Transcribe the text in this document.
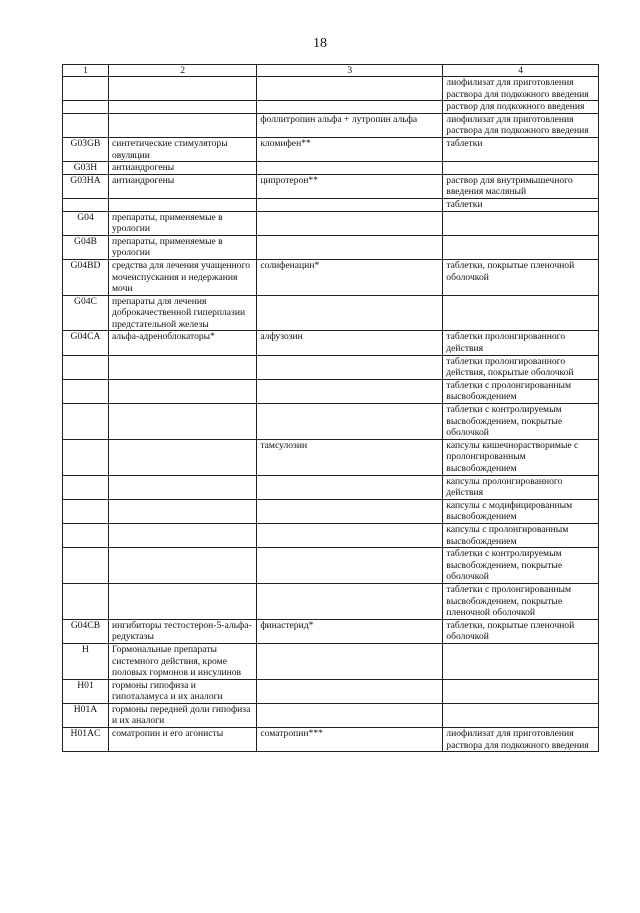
18
1	2	3	4
			лиофилизат для приготовления раствора для подкожного введения
			раствор для подкожного введения
		фоллитропин альфа + лутропин альфа	лиофилизат для приготовления раствора для подкожного введения
G03GB	синтетические стимуляторы овуляции	кломифен**	таблетки
G03H	антиандрогены		
G03HA	антиандрогены	ципротерон**	раствор для внутримышечного введения масляный
			таблетки
G04	препараты, применяемые в урологии		
G04B	препараты, применяемые в урологии		
G04BD	средства для лечения учащенного мочеиспускания и недержания мочи	солифенацин*	таблетки, покрытые пленочной оболочкой
G04C	препараты для лечения доброкачественной гиперплазии предстательной железы		
G04CA	альфа-адреноблокаторы*	алфузозин	таблетки пролонгированного действия
			таблетки пролонгированного действия, покрытые оболочкой
			таблетки с пролонгированным высвобождением
			таблетки с контролируемым высвобождением, покрытые оболочкой
		тамсулозин	капсулы кишечнорастворимые с пролонгированным высвобождением
			капсулы пролонгированного действия
			капсулы с модифицированным высвобождением
			капсулы с пролонгированным высвобождением
			таблетки с контролируемым высвобождением, покрытые оболочкой
			таблетки с пролонгированным высвобождением, покрытые пленочной оболочкой
G04CB	ингибиторы тестостерон-5-альфа-редуктазы	финастерид*	таблетки, покрытые пленочной оболочкой
H	Гормональные препараты системного действия, кроме половых гормонов и инсулинов		
H01	гормоны гипофиза и гипоталамуса и их аналоги		
H01A	гормоны передней доли гипофиза и их аналоги		
H01AC	соматропин и его агонисты	соматропин***	лиофилизат для приготовления раствора для подкожного введения
